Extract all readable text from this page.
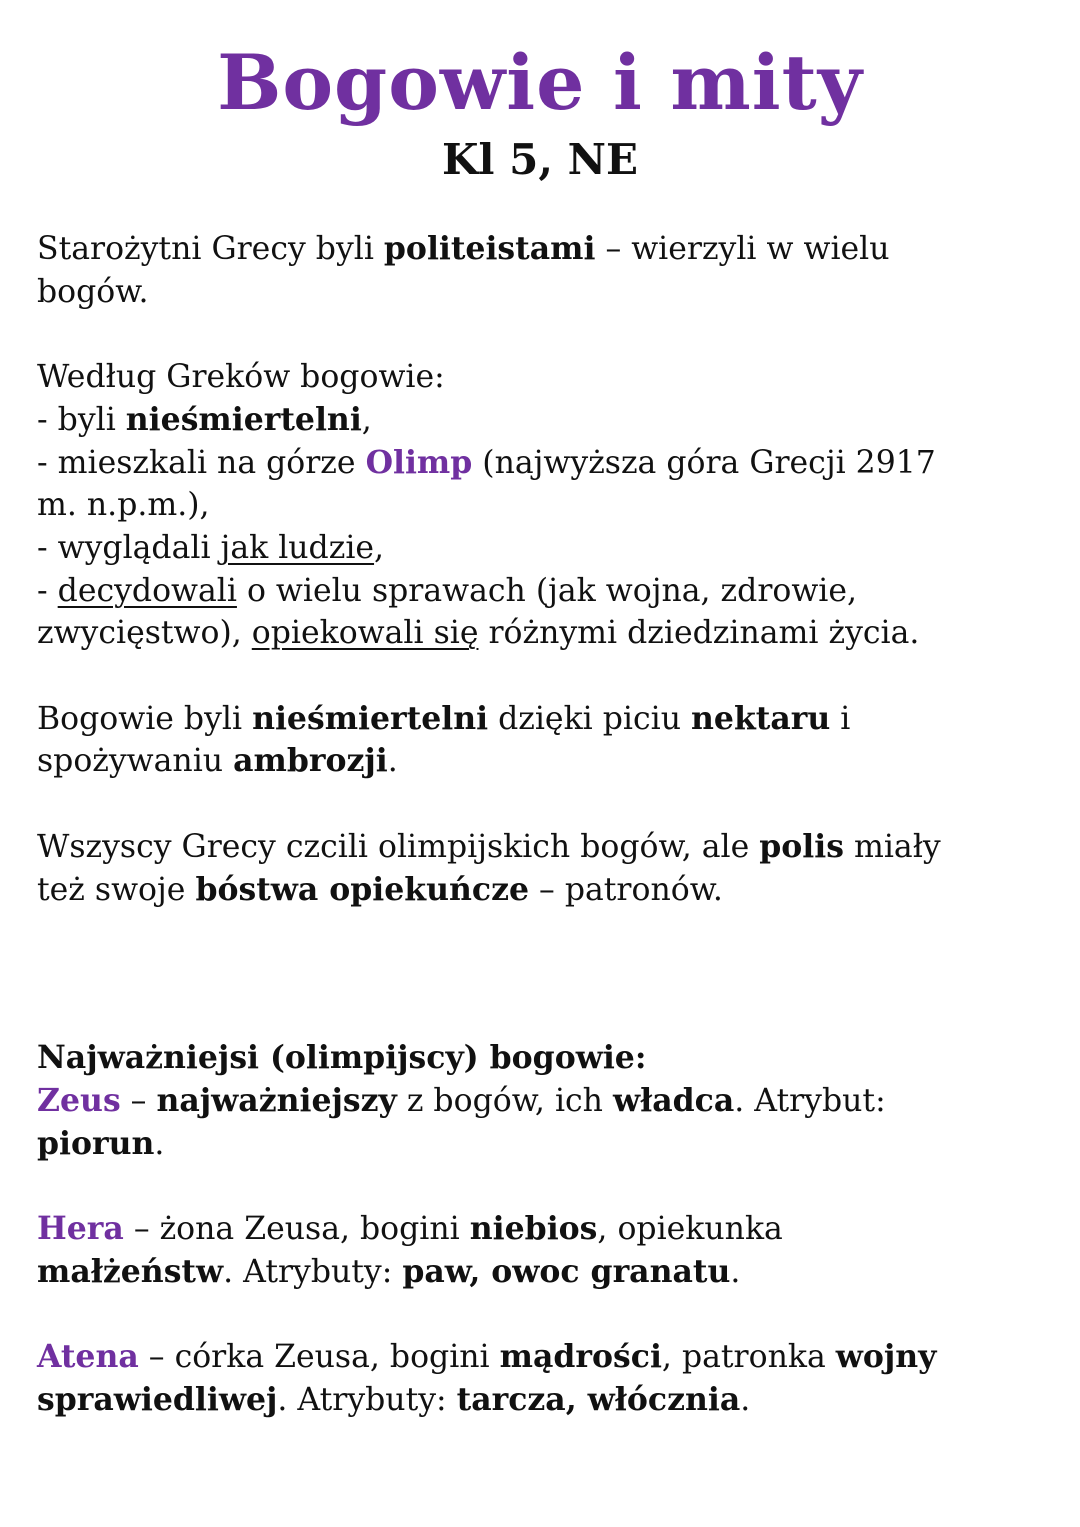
Bogowie i mity
Kl 5, NE
Starożytni Grecy byli politeistami – wierzyli w wielu
bogów.
Według Greków bogowie:
- byli nieśmiertelni,
- mieszkali na górze Olimp (najwyższa góra Grecji 2917
m. n.p.m.),
- wyglądali jak ludzie,
- decydowali o wielu sprawach (jak wojna, zdrowie,
zwycięstwo), opiekowali się różnymi dziedzinami życia.
Bogowie byli nieśmiertelni dzięki piciu nektaru i
spożywaniu ambrozji.
Wszyscy Grecy czcili olimpijskich bogów, ale polis miały
też swoje bóstwa opiekuńcze – patronów.
Najważniejsi (olimpijscy) bogowie:
Zeus – najważniejszy z bogów, ich władca. Atrybut:
piorun.
Hera – żona Zeusa, bogini niebios, opiekunka
małżeństw. Atrybuty: paw, owoc granatu.
Atena – córka Zeusa, bogini mądrości, patronka wojny
sprawiedliwej. Atrybuty: tarcza, włócznia.
